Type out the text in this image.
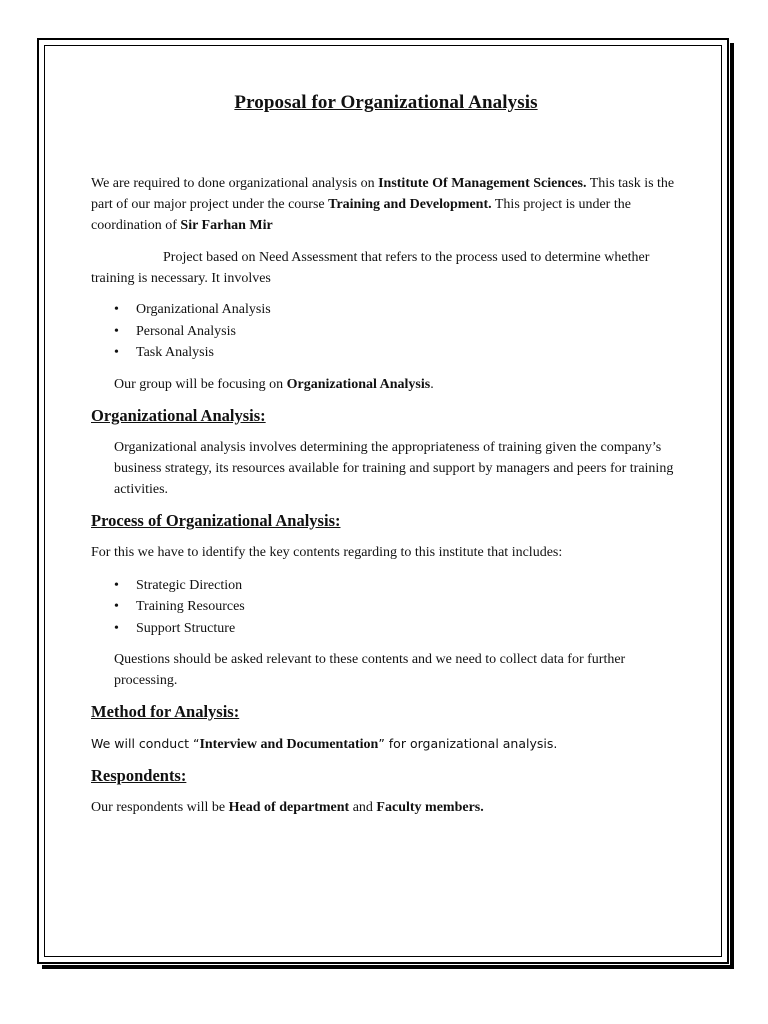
Proposal for Organizational Analysis

We are required to done organizational analysis on Institute Of Management Sciences. This task is the part of our major project under the course Training and Development. This project is under the coordination of Sir Farhan Mir

Project based on Need Assessment that refers to the process used to determine whether training is necessary. It involves

• Organizational Analysis
• Personal Analysis
• Task Analysis

Our group will be focusing on Organizational Analysis.

Organizational Analysis:

Organizational analysis involves determining the appropriateness of training given the company’s business strategy, its resources available for training and support by managers and peers for training activities.

Process of Organizational Analysis:

For this we have to identify the key contents regarding to this institute that includes:

• Strategic Direction
• Training Resources
• Support Structure

Questions should be asked relevant to these contents and we need to collect data for further processing.

Method for Analysis:

We will conduct “Interview and Documentation” for organizational analysis.

Respondents:

Our respondents will be Head of department and Faculty members.
